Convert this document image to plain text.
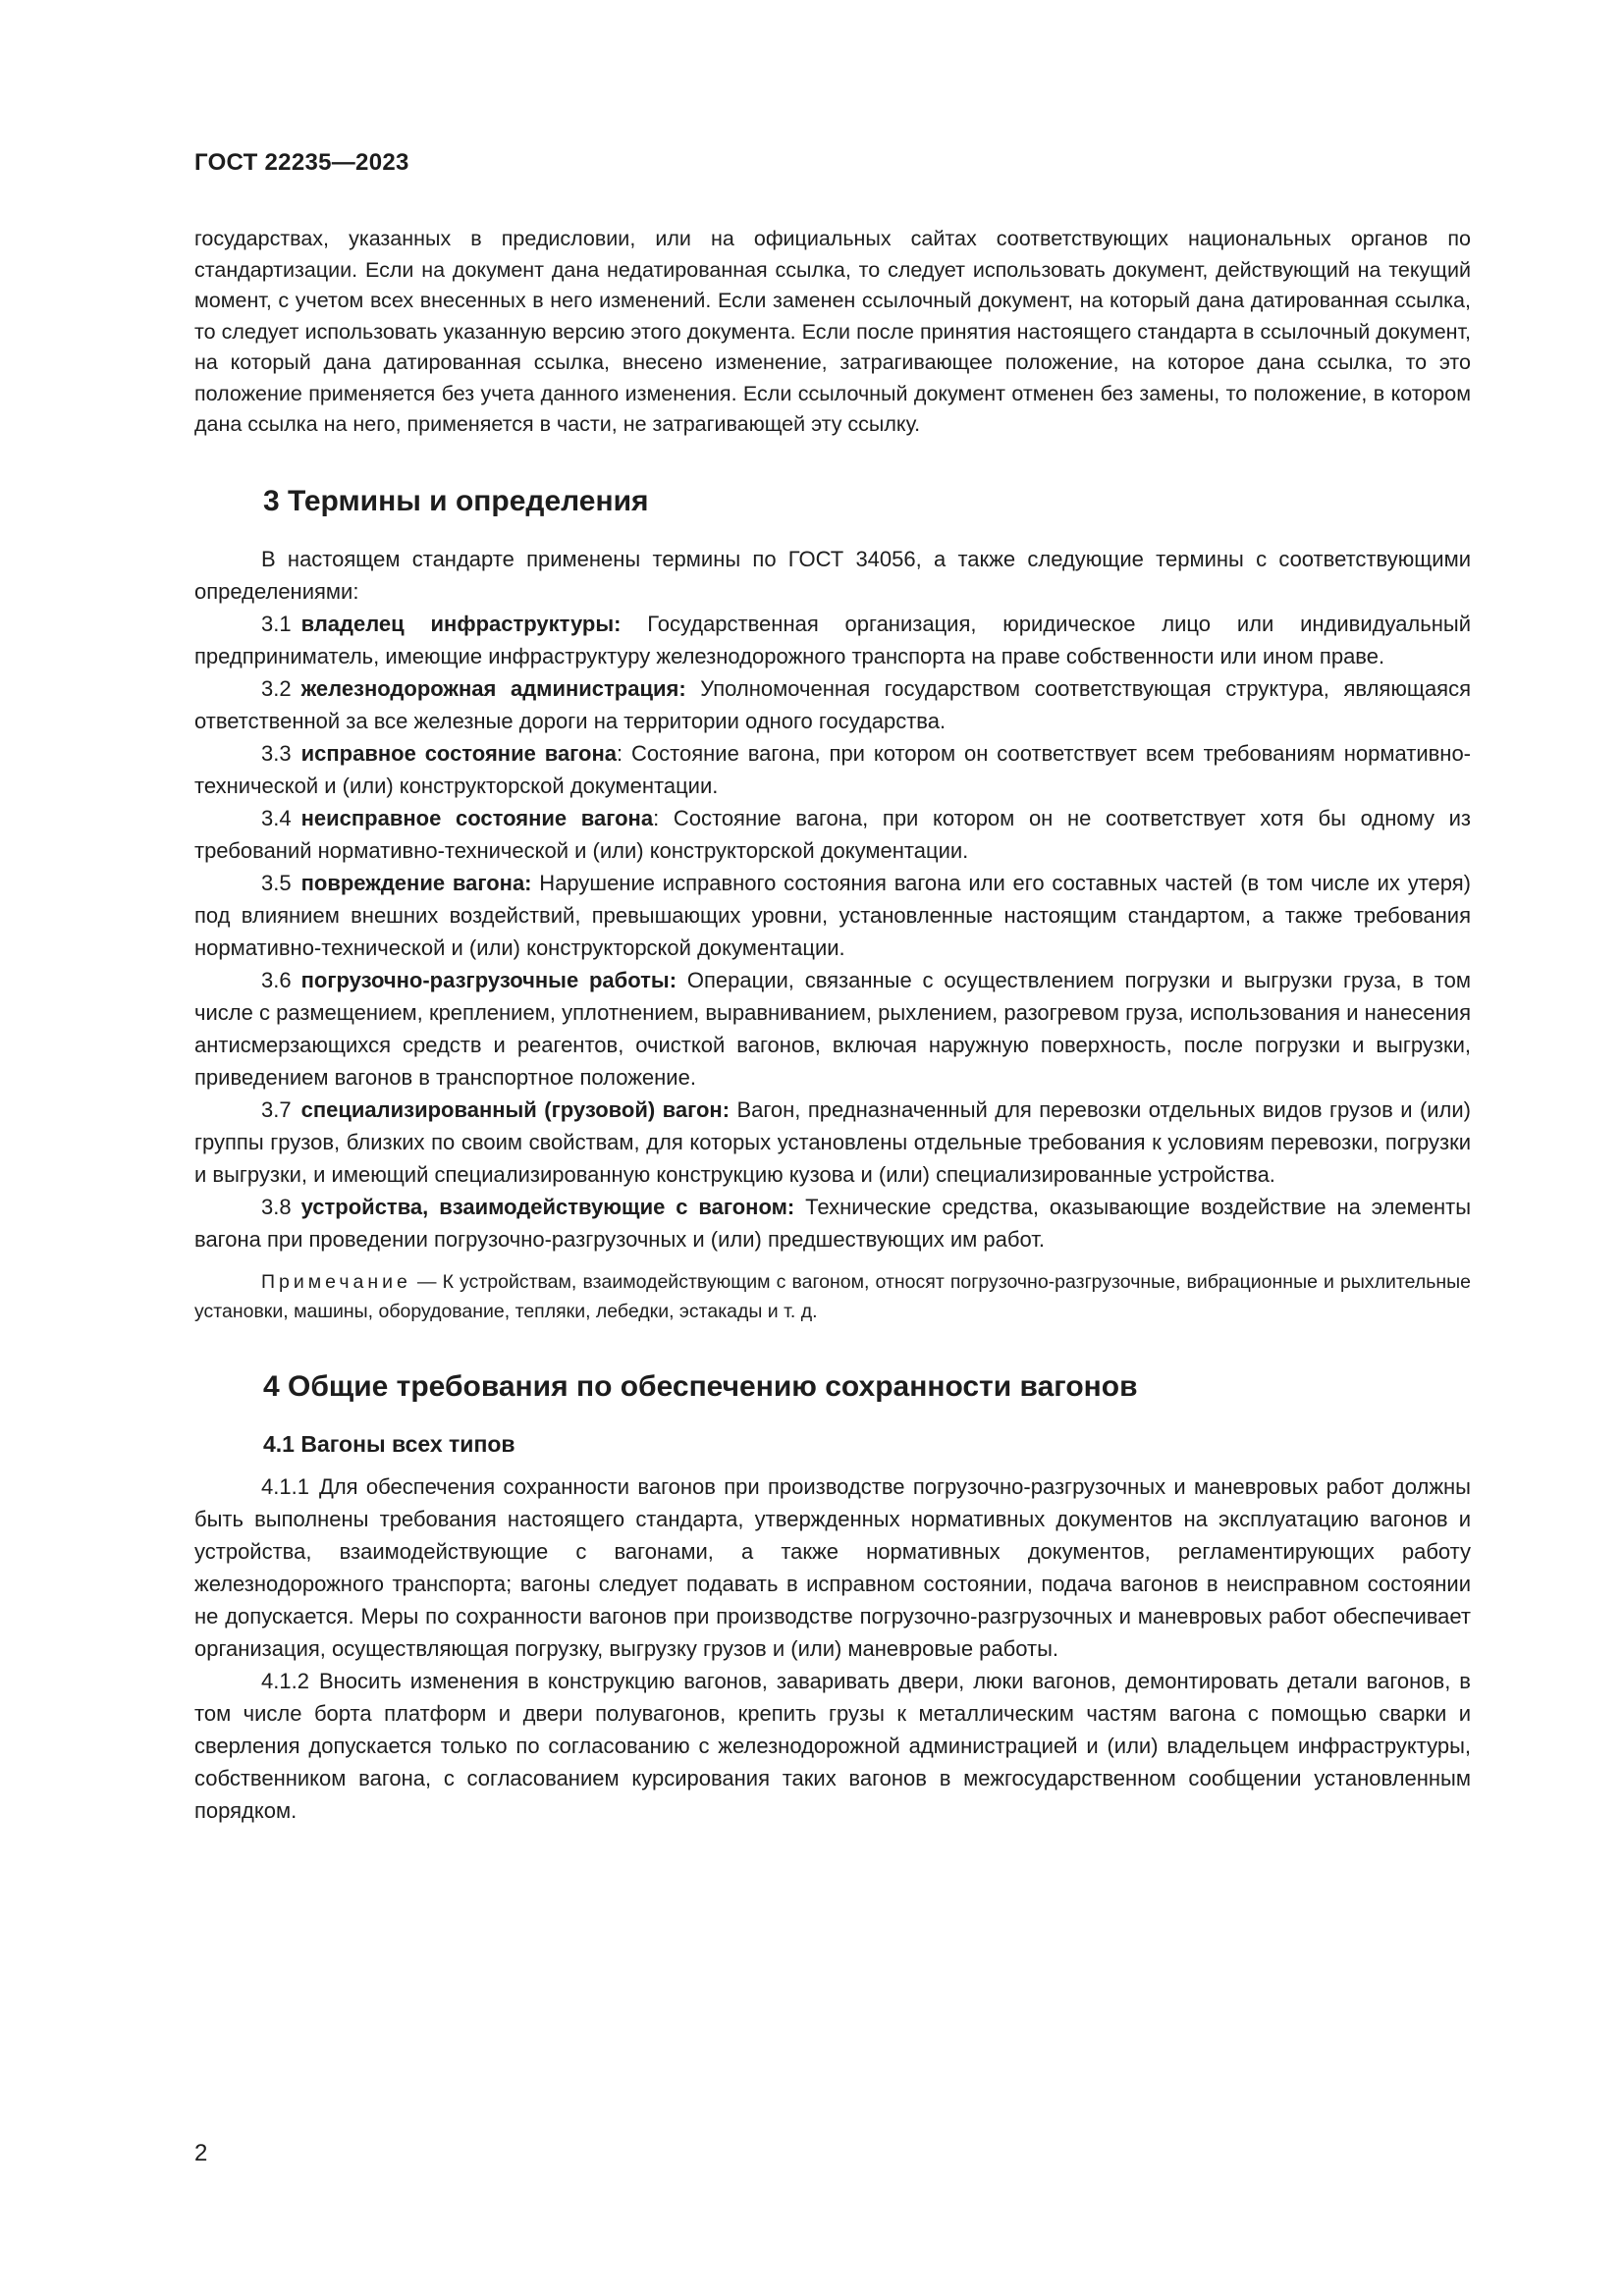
ГОСТ 22235—2023

государствах, указанных в предисловии, или на официальных сайтах соответствующих национальных органов по стандартизации. Если на документ дана недатированная ссылка, то следует использовать документ, действующий на текущий момент, с учетом всех внесенных в него изменений. Если заменен ссылочный документ, на который дана датированная ссылка, то следует использовать указанную версию этого документа. Если после принятия настоящего стандарта в ссылочный документ, на который дана датированная ссылка, внесено изменение, затрагивающее положение, на которое дана ссылка, то это положение применяется без учета данного изменения. Если ссылочный документ отменен без замены, то положение, в котором дана ссылка на него, применяется в части, не затрагивающей эту ссылку.

3 Термины и определения

В настоящем стандарте применены термины по ГОСТ 34056, а также следующие термины с соответствующими определениями:

3.1 владелец инфраструктуры: Государственная организация, юридическое лицо или индивидуальный предприниматель, имеющие инфраструктуру железнодорожного транспорта на праве собственности или ином праве.

3.2 железнодорожная администрация: Уполномоченная государством соответствующая структура, являющаяся ответственной за все железные дороги на территории одного государства.

3.3 исправное состояние вагона: Состояние вагона, при котором он соответствует всем требованиям нормативно-технической и (или) конструкторской документации.

3.4 неисправное состояние вагона: Состояние вагона, при котором он не соответствует хотя бы одному из требований нормативно-технической и (или) конструкторской документации.

3.5 повреждение вагона: Нарушение исправного состояния вагона или его составных частей (в том числе их утеря) под влиянием внешних воздействий, превышающих уровни, установленные настоящим стандартом, а также требования нормативно-технической и (или) конструкторской документации.

3.6 погрузочно-разгрузочные работы: Операции, связанные с осуществлением погрузки и выгрузки груза, в том числе с размещением, креплением, уплотнением, выравниванием, рыхлением, разогревом груза, использования и нанесения антисмерзающихся средств и реагентов, очисткой вагонов, включая наружную поверхность, после погрузки и выгрузки, приведением вагонов в транспортное положение.

3.7 специализированный (грузовой) вагон: Вагон, предназначенный для перевозки отдельных видов грузов и (или) группы грузов, близких по своим свойствам, для которых установлены отдельные требования к условиям перевозки, погрузки и выгрузки, и имеющий специализированную конструкцию кузова и (или) специализированные устройства.

3.8 устройства, взаимодействующие с вагоном: Технические средства, оказывающие воздействие на элементы вагона при проведении погрузочно-разгрузочных и (или) предшествующих им работ.

Примечание — К устройствам, взаимодействующим с вагоном, относят погрузочно-разгрузочные, вибрационные и рыхлительные установки, машины, оборудование, тепляки, лебедки, эстакады и т. д.

4 Общие требования по обеспечению сохранности вагонов

4.1 Вагоны всех типов

4.1.1 Для обеспечения сохранности вагонов при производстве погрузочно-разгрузочных и маневровых работ должны быть выполнены требования настоящего стандарта, утвержденных нормативных документов на эксплуатацию вагонов и устройства, взаимодействующие с вагонами, а также нормативных документов, регламентирующих работу железнодорожного транспорта; вагоны следует подавать в исправном состоянии, подача вагонов в неисправном состоянии не допускается. Меры по сохранности вагонов при производстве погрузочно-разгрузочных и маневровых работ обеспечивает организация, осуществляющая погрузку, выгрузку грузов и (или) маневровые работы.

4.1.2 Вносить изменения в конструкцию вагонов, заваривать двери, люки вагонов, демонтировать детали вагонов, в том числе борта платформ и двери полувагонов, крепить грузы к металлическим частям вагона с помощью сварки и сверления допускается только по согласованию с железнодорожной администрацией и (или) владельцем инфраструктуры, собственником вагона, с согласованием курсирования таких вагонов в межгосударственном сообщении установленным порядком.

2
